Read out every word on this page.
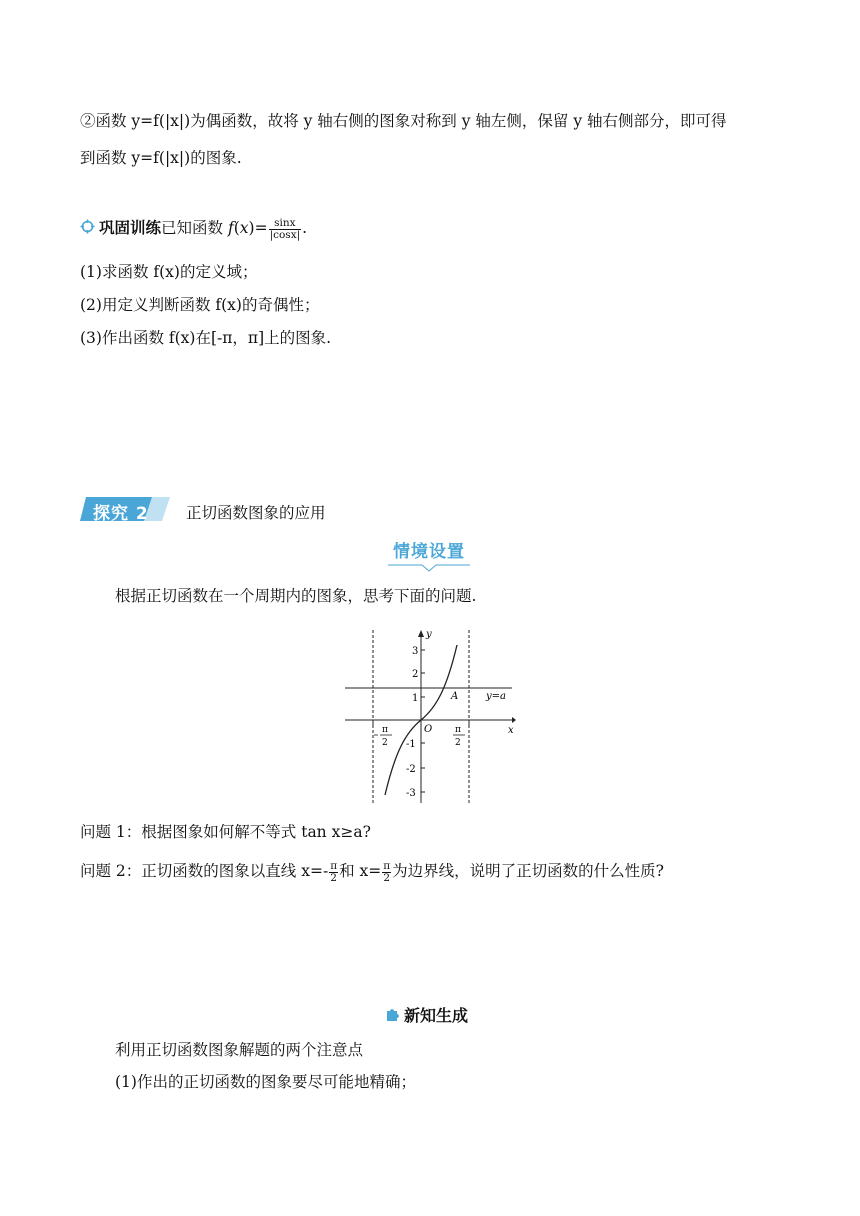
②函数 y=f(|x|)为偶函数，故将 y 轴右侧的图象对称到 y 轴左侧，保留 y 轴右侧部分，即可得
到函数 y=f(|x|)的图象.
巩固训练已知函数 $f(x)= \frac{\sin x}{|\cos x|}$ .
(1)求函数 f(x)的定义域；
(2)用定义判断函数 f(x)的奇偶性；
(3)作出函数 f(x)在[-π，π]上的图象.
探究 2 正切函数图象的应用
情境设置
根据正切函数在一个周期内的图象，思考下面的问题.
y
x
3
2
1
-1
-2
-3
O
A	y=a
π
2
π
2
问题 1：根据图象如何解不等式 tan x≥a?
问题 2：正切函数的图象以直线 $x=- \frac{\pi}{2}$ 和 $x= \frac{\pi}{2}$ 为边界线，说明了正切函数的什么性质?
新知生成
利用正切函数图象解题的两个注意点
(1)作出的正切函数的图象要尽可能地精确；
